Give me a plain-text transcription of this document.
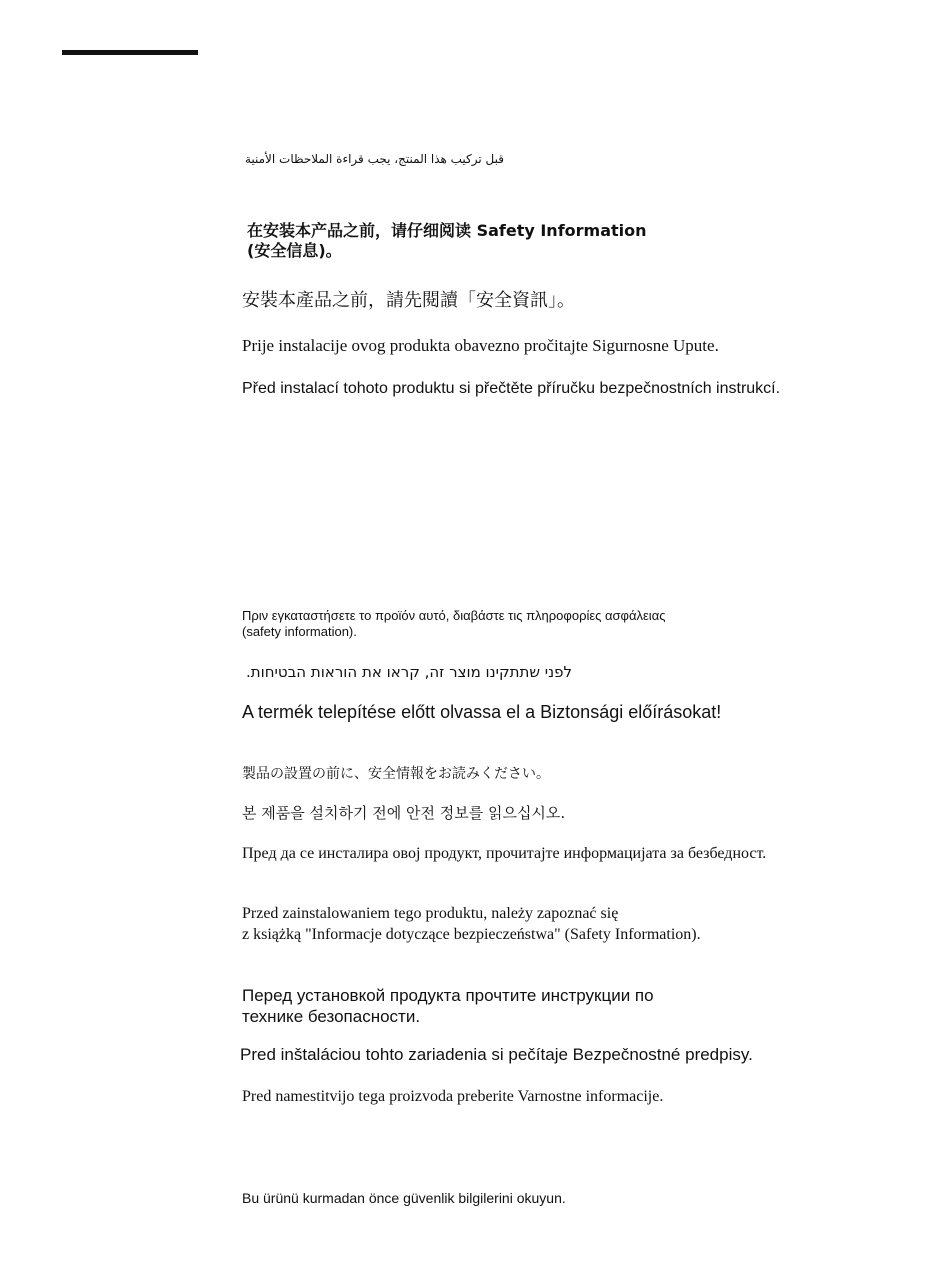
قبل تركيب هذا المنتج، يجب قراءة الملاحظات الأمنية
在安装本产品之前，请仔细阅读 Safety Information
(安全信息)。
安裝本產品之前，請先閱讀「安全資訊」。
Prije instalacije ovog produkta obavezno pročitajte Sigurnosne Upute.
Před instalací tohoto produktu si přečtěte příručku bezpečnostních instrukcí.
Πριν εγκαταστήσετε το προϊόν αυτό, διαβάστε τις πληροφορίες ασφάλειας
(safety information).
לפני שתתקינו מוצר זה, קראו את הוראות הבטיחות.
A termék telepítése előtt olvassa el a Biztonsági előírásokat!
製品の設置の前に、安全情報をお読みください。
본 제품을 설치하기 전에 안전 정보를 읽으십시오.
Пред да се инсталира овој продукт, прочитајте информацијата за безбедност.
Przed zainstalowaniem tego produktu, należy zapoznać się
z książką "Informacje dotyczące bezpieczeństwa" (Safety Information).
Перед установкой продукта прочтите инструкции по
технике безопасности.
Pred inštaláciou tohto zariadenia si pečítaje Bezpečnostné predpisy.
Pred namestitvijo tega proizvoda preberite Varnostne informacije.
Bu ürünü kurmadan önce güvenlik bilgilerini okuyun.
